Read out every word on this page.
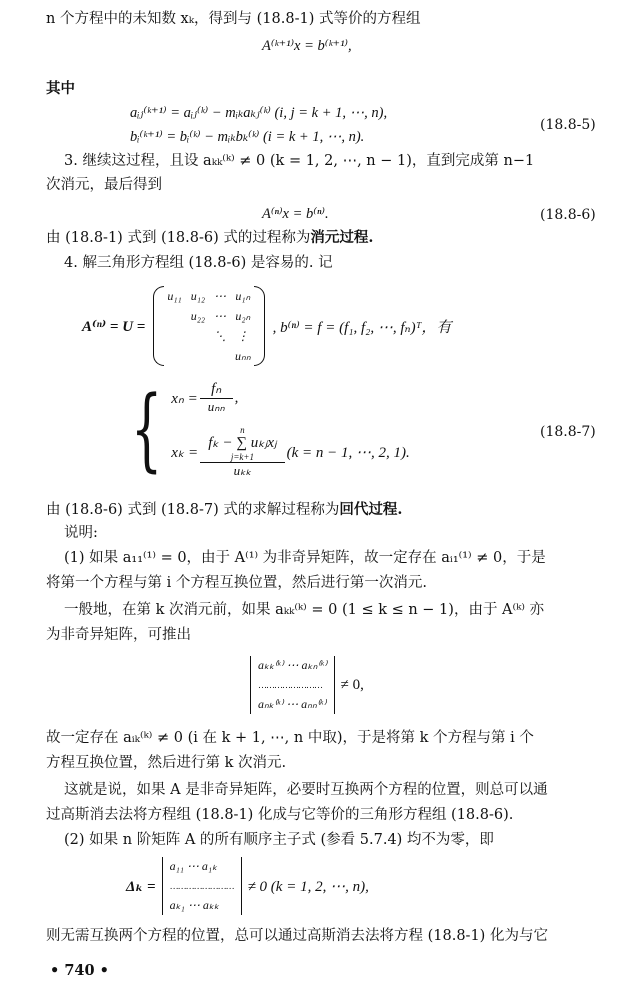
n 个方程中的未知数 xₖ，得到与 (18.8-1) 式等价的方程组
A⁽ᵏ⁺¹⁾x = b⁽ᵏ⁺¹⁾,
其中
aᵢⱼ⁽ᵏ⁺¹⁾ = aᵢⱼ⁽ᵏ⁾ − mᵢₖaₖⱼ⁽ᵏ⁾ (i, j = k + 1, ⋯, n),
bᵢ⁽ᵏ⁺¹⁾ = bᵢ⁽ᵏ⁾ − mᵢₖbₖ⁽ᵏ⁾ (i = k + 1, ⋯, n).
(18.8-5)
3. 继续这过程，且设 aₖₖ⁽ᵏ⁾ ≠ 0 (k = 1, 2, ⋯, n − 1)，直到完成第 n−1
次消元，最后得到
A⁽ⁿ⁾x = b⁽ⁿ⁾.	(18.8-6)
由 (18.8-1) 式到 (18.8-6) 式的过程称为消元过程.
4. 解三角形方程组 (18.8-6) 是容易的. 记
A⁽ⁿ⁾ = U =
u₁₁ u₁₂ ⋯ u₁ₙ
u₂₂ ⋯ u₂ₙ
⋱ ⋮
uₙₙ
, b⁽ⁿ⁾ = f = (f₁, f₂, ⋯, fₙ)ᵀ，有
{ $x_n = \frac{\text{fₙ}}{\text{uₙₙ}}$ ,
xₖ = n
fₖ − ∑ uₖⱼxⱼ
j=k+1
uₖₖ (k = n − 1, ⋯, 2, 1).
(18.8-7)
由 (18.8-6) 式到 (18.8-7) 式的求解过程称为回代过程.
说明:
(1) 如果 a₁₁⁽¹⁾ = 0，由于 A⁽¹⁾ 为非奇异矩阵，故一定存在 aᵢ₁⁽¹⁾ ≠ 0，于是
将第一个方程与第 i 个方程互换位置，然后进行第一次消元.
一般地，在第 k 次消元前，如果 aₖₖ⁽ᵏ⁾ = 0 (1 ≤ k ≤ n − 1)，由于 A⁽ᵏ⁾ 亦
为非奇异矩阵，可推出
aₖₖ⁽ᵏ⁾ ⋯ aₖₙ⁽ᵏ⁾
……………………
aₙₖ⁽ᵏ⁾ ⋯ aₙₙ⁽ᵏ⁾
≠ 0,
故一定存在 aᵢₖ⁽ᵏ⁾ ≠ 0 (i 在 k + 1, ⋯, n 中取)，于是将第 k 个方程与第 i 个
方程互换位置，然后进行第 k 次消元.
这就是说，如果 A 是非奇异矩阵，必要时互换两个方程的位置，则总可以通
过高斯消去法将方程组 (18.8-1) 化成与它等价的三角形方程组 (18.8-6).
(2) 如果 n 阶矩阵 A 的所有顺序主子式 (参看 5.7.4) 均不为零，即
Δₖ =
a₁₁ ⋯ a₁ₖ
……………………
aₖ₁ ⋯ aₖₖ
≠ 0 (k = 1, 2, ⋯, n),
则无需互换两个方程的位置，总可以通过高斯消去法将方程 (18.8-1) 化为与它
• 740 •
